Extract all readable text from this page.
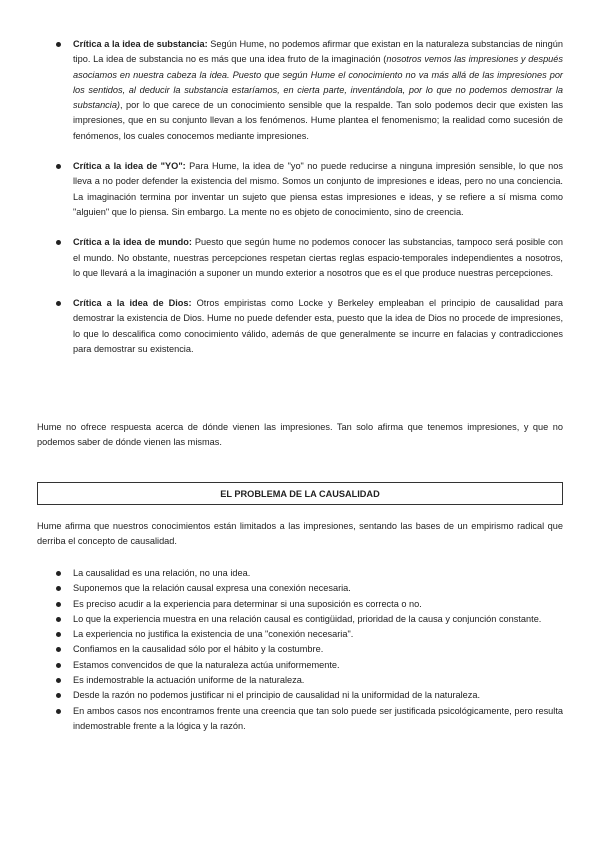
Crítica a la idea de substancia: Según Hume, no podemos afirmar que existan en la naturaleza substancias de ningún tipo. La idea de substancia no es más que una idea fruto de la imaginación (nosotros vemos las impresiones y después asociamos en nuestra cabeza la idea. Puesto que según Hume el conocimiento no va más allá de las impresiones por los sentidos, al deducir la substancia estaríamos, en cierta parte, inventándola, por lo que no podemos demostrar la substancia), por lo que carece de un conocimiento sensible que la respalde. Tan solo podemos decir que existen las impresiones, que en su conjunto llevan a los fenómenos. Hume plantea el fenomenismo; la realidad como sucesión de fenómenos, los cuales conocemos mediante impresiones.
Crítica a la idea de "YO": Para Hume, la idea de "yo" no puede reducirse a ninguna impresión sensible, lo que nos lleva a no poder defender la existencia del mismo. Somos un conjunto de impresiones e ideas, pero no una conciencia. La imaginación termina por inventar un sujeto que piensa estas impresiones e ideas, y se refiere a sí misma como "alguien" que lo piensa. Sin embargo. La mente no es objeto de conocimiento, sino de creencia.
Crítica a la idea de mundo: Puesto que según hume no podemos conocer las substancias, tampoco será posible con el mundo. No obstante, nuestras percepciones respetan ciertas reglas espacio-temporales independientes a nosotros, lo que llevará a la imaginación a suponer un mundo exterior a nosotros que es el que produce nuestras percepciones.
Crítica a la idea de Dios: Otros empiristas como Locke y Berkeley empleaban el principio de causalidad para demostrar la existencia de Dios. Hume no puede defender esta, puesto que la idea de Dios no procede de impresiones, lo que lo descalifica como conocimiento válido, además de que generalmente se incurre en falacias y contradicciones para demostrar su existencia.

Hume no ofrece respuesta acerca de dónde vienen las impresiones. Tan solo afirma que tenemos impresiones, y que no podemos saber de dónde vienen las mismas.

EL PROBLEMA DE LA CAUSALIDAD

Hume afirma que nuestros conocimientos están limitados a las impresiones, sentando las bases de un empirismo radical que derriba el concepto de causalidad.

La causalidad es una relación, no una idea.
Suponemos que la relación causal expresa una conexión necesaria.
Es preciso acudir a la experiencia para determinar si una suposición es correcta o no.
Lo que la experiencia muestra en una relación causal es contigüidad, prioridad de la causa y conjunción constante.
La experiencia no justifica la existencia de una "conexión necesaria".
Confiamos en la causalidad sólo por el hábito y la costumbre.
Estamos convencidos de que la naturaleza actúa uniformemente.
Es indemostrable la actuación uniforme de la naturaleza.
Desde la razón no podemos justificar ni el principio de causalidad ni la uniformidad de la naturaleza.
En ambos casos nos encontramos frente una creencia que tan solo puede ser justificada psicológicamente, pero resulta indemostrable frente a la lógica y la razón.
